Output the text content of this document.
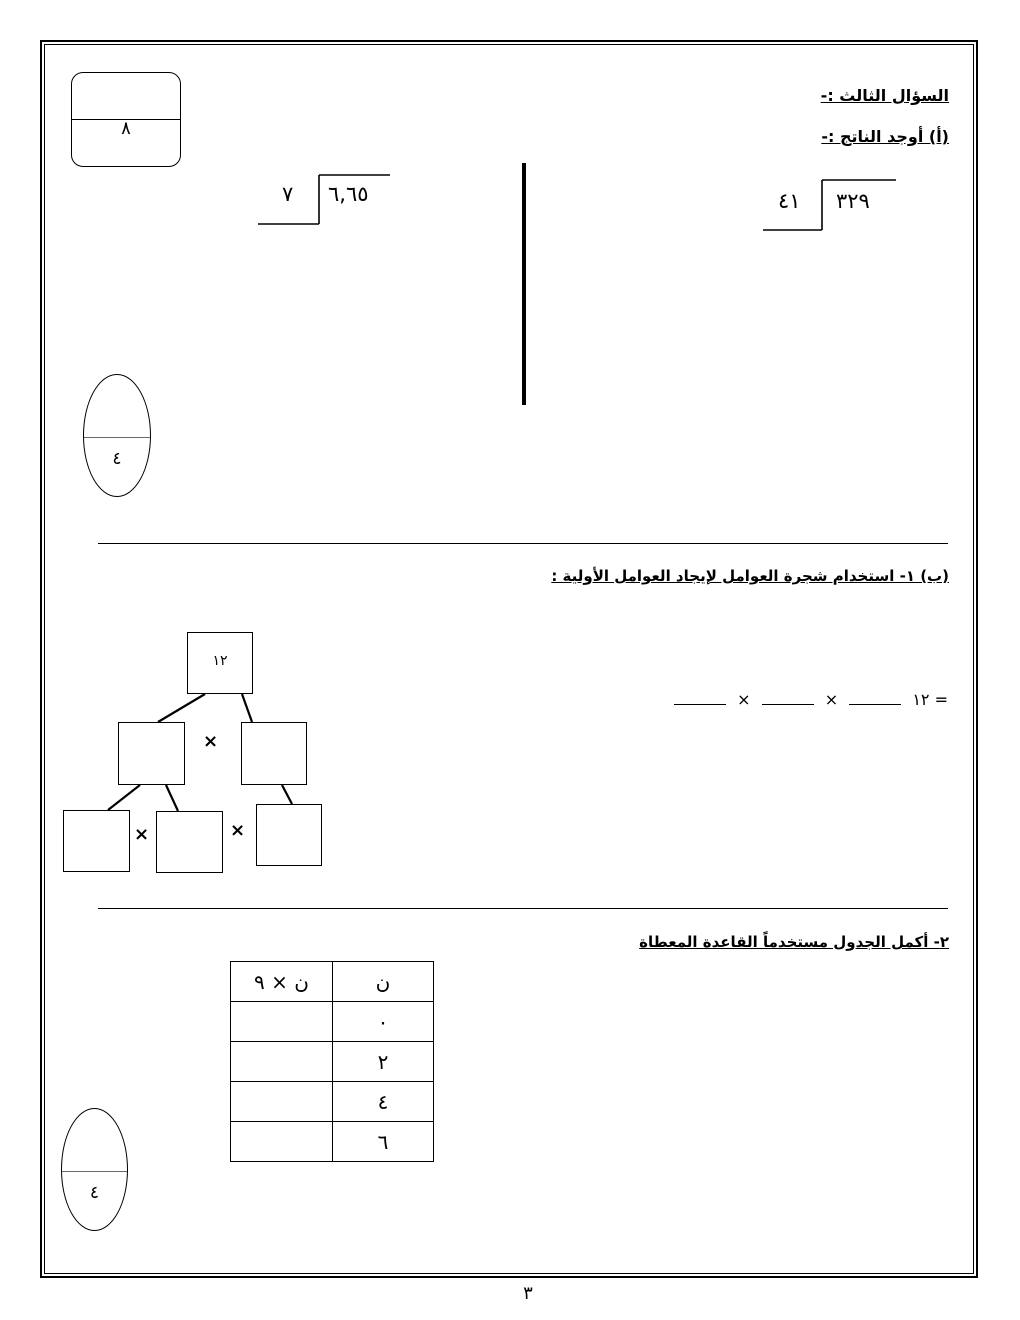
السؤال الثالث :-
(أ) أوجد الناتج :-
٨
٣٢٩
٤١
٦,٦٥
٧
٤
(ب) ١- استخدام شجرة العوامل لإيجاد العوامل الأولية :
×	×	١٢ =
١٢
×
×	×
٢- أكمل الجدول مستخدماً القاعدة المعطاة
ن	ن × ٩
٠	
٢	
٤	
٦	
٤
٣
